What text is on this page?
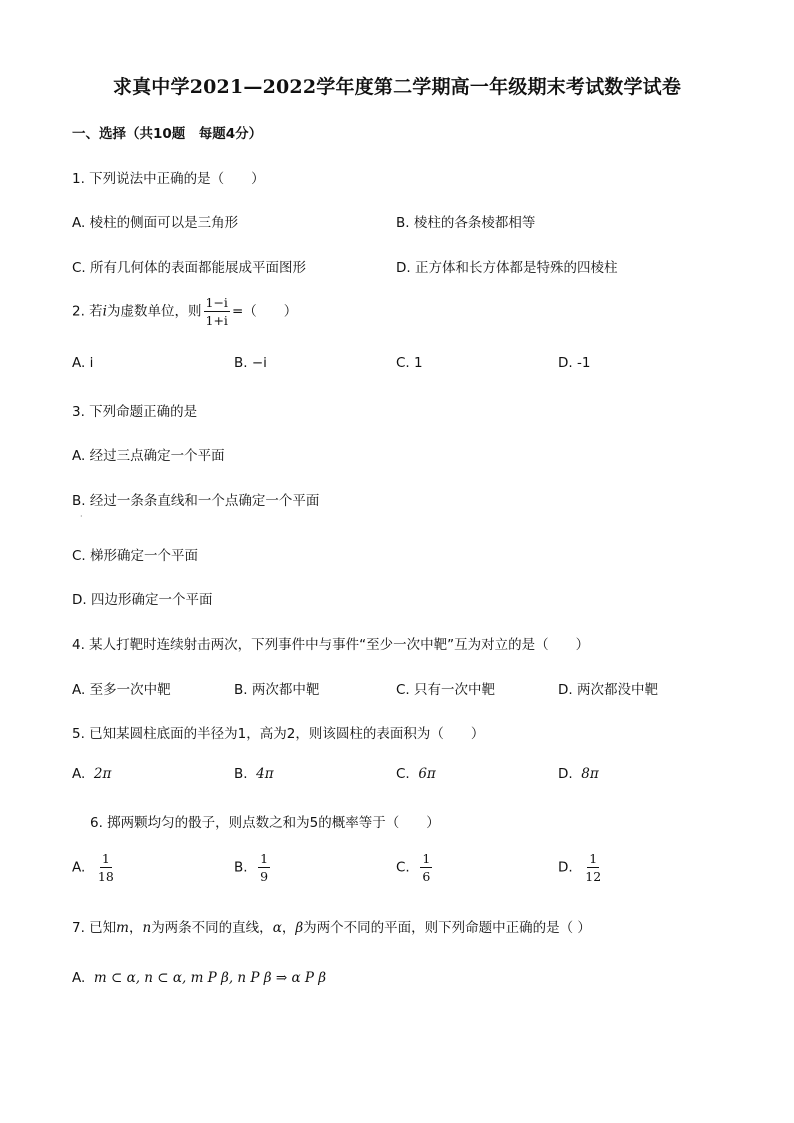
求真中学2021—2022学年度第二学期高一年级期末考试数学试卷
一、选择（共10题　每题4分）
1. 下列说法中正确的是（　　）
A. 棱柱的侧面可以是三角形	B. 棱柱的各条棱都相等
C. 所有几何体的表面都能展成平面图形	D. 正方体和长方体都是特殊的四棱柱
2. 若i为虚数单位，则 $\frac{1-i}{1+i}$ =（　　）
A. i	B. −i	C. 1	D. -1
3. 下列命题正确的是
A. 经过三点确定一个平面
B. 经过一条条直线和一个点确定一个平面
·
C. 梯形确定一个平面
D. 四边形确定一个平面
4. 某人打靶时连续射击两次，下列事件中与事件“至少一次中靶”互为对立的是（　　）
A. 至多一次中靶	B. 两次都中靶	C. 只有一次中靶	D. 两次都没中靶
5. 已知某圆柱底面的半径为1，高为2，则该圆柱的表面积为（　　）
A. 2π	B. 4π	C. 6π	D. 8π
6. 掷两颗均匀的骰子，则点数之和为5的概率等于（　　）
A. $\frac{1}{18}$	B. $\frac{1}{9}$	C. $\frac{1}{6}$	D. $\frac{1}{12}$
7. 已知m，n为两条不同的直线，α，β为两个不同的平面，则下列命题中正确的是（ ）
A. m ⊂ α, n ⊂ α, m P β, n P β ⇒ α P β
